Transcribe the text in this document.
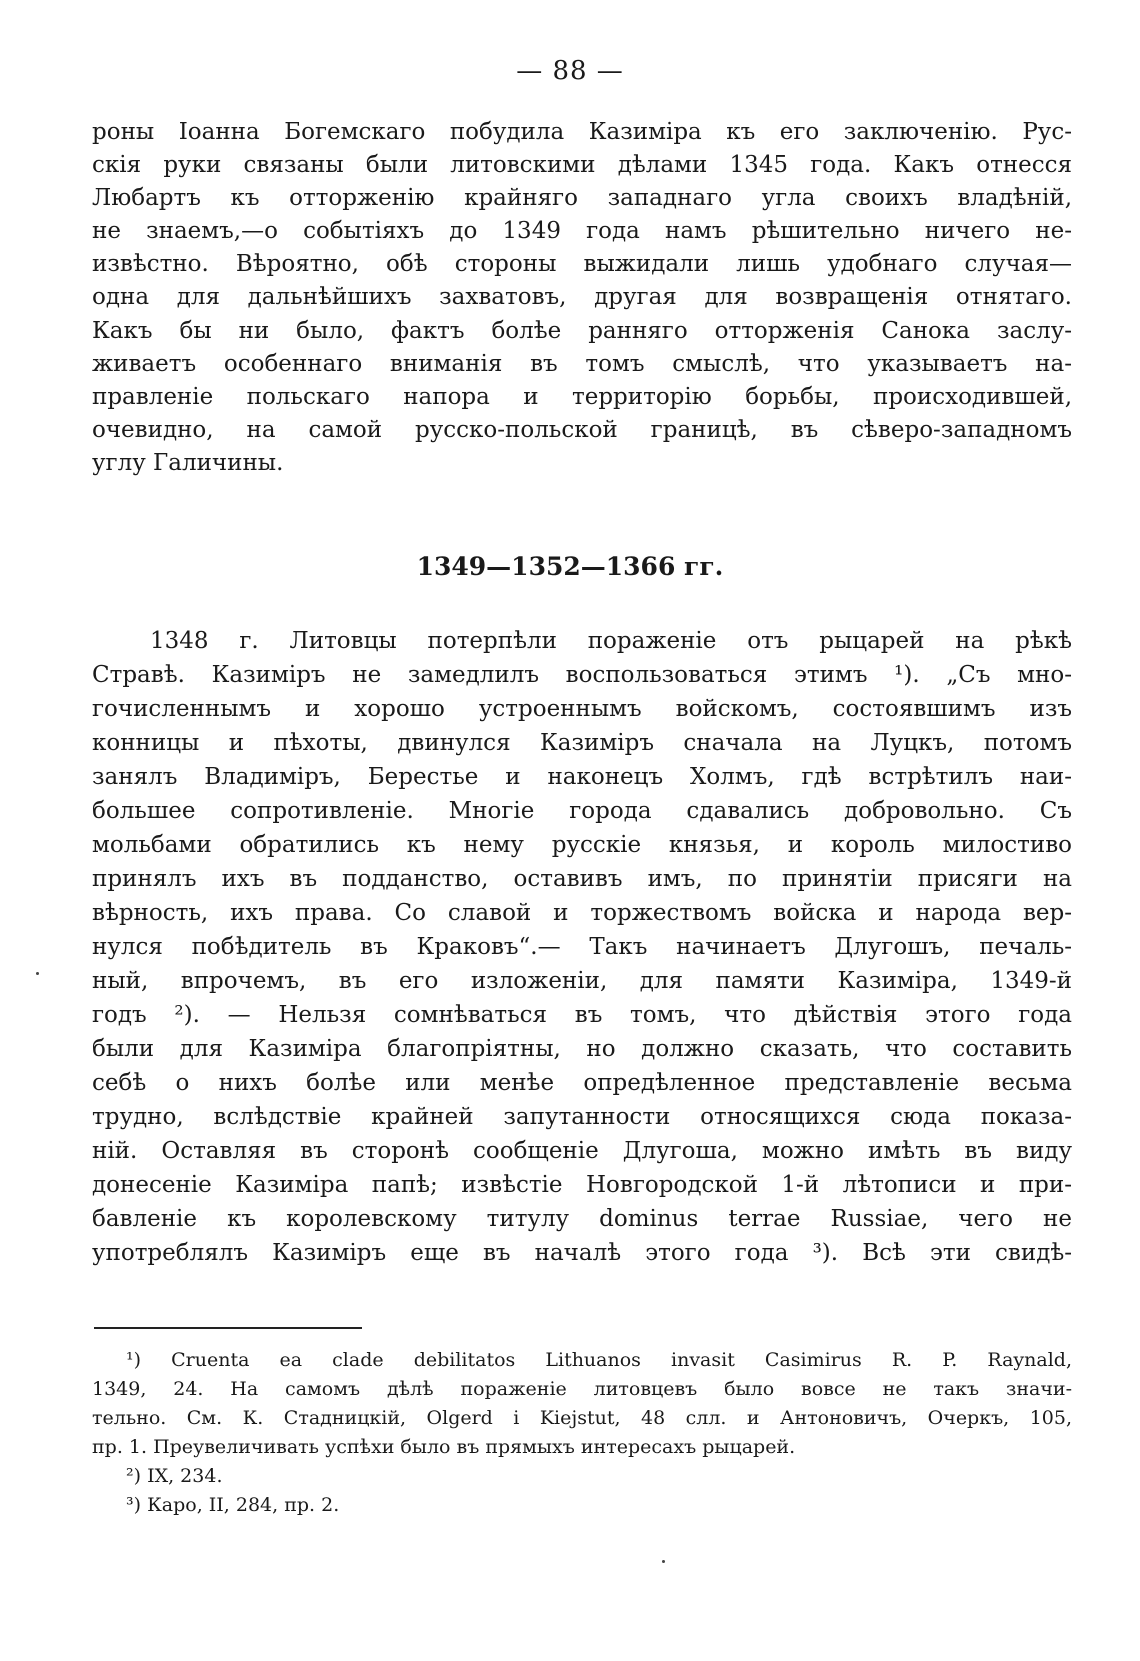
— 88 —
роны Іоанна Богемскаго побудила Казиміра къ его заключенію. Рус-
скія руки связаны были литовскими дѣлами 1345 года. Какъ отнесся
Любартъ къ отторженію крайняго западнаго угла своихъ владѣній,
не знаемъ,—о событіяхъ до 1349 года намъ рѣшительно ничего не-
извѣстно. Вѣроятно, обѣ стороны выжидали лишь удобнаго случая—
одна для дальнѣйшихъ захватовъ, другая для возвращенія отнятаго.
Какъ бы ни было, фактъ болѣе ранняго отторженія Санока заслу-
живаетъ особеннаго вниманія въ томъ смыслѣ, что указываетъ на-
правленіе польскаго напора и территорію борьбы, происходившей,
очевидно, на самой русско-польской границѣ, въ сѣверо-западномъ
углу Галичины.
1349—1352—1366 гг.
1348 г. Литовцы потерпѣли пораженіе отъ рыцарей на рѣкѣ
Стравѣ. Казиміръ не замедлилъ воспользоваться этимъ ¹). „Съ мно-
гочисленнымъ и хорошо устроеннымъ войскомъ, состоявшимъ изъ
конницы и пѣхоты, двинулся Казиміръ сначала на Луцкъ, потомъ
занялъ Владиміръ, Берестье и наконецъ Холмъ, гдѣ встрѣтилъ наи-
большее сопротивленіе. Многіе города сдавались добровольно. Съ
мольбами обратились къ нему русскіе князья, и король милостиво
принялъ ихъ въ подданство, оставивъ имъ, по принятіи присяги на
вѣрность, ихъ права. Со славой и торжествомъ войска и народа вер-
нулся побѣдитель въ Краковъ“.— Такъ начинаетъ Длугошъ, печаль-
ный, впрочемъ, въ его изложеніи, для памяти Казиміра, 1349-й
годъ ²). — Нельзя сомнѣваться въ томъ, что дѣйствія этого года
были для Казиміра благопріятны, но должно сказать, что составить
себѣ о нихъ болѣе или менѣе опредѣленное представленіе весьма
трудно, вслѣдствіе крайней запутанности относящихся сюда показа-
ній. Оставляя въ сторонѣ сообщеніе Длугоша, можно имѣть въ виду
донесеніе Казиміра папѣ; извѣстіе Новгородской 1-й лѣтописи и при-
бавленіе къ королевскому титулу dominus terrae Russiae, чего не
употреблялъ Казиміръ еще въ началѣ этого года ³). Всѣ эти свидѣ-
¹) Cruenta ea clade debilitatos Lithuanos invasit Casimirus R. P. Raynald,
1349, 24. На самомъ дѣлѣ пораженіе литовцевъ было вовсе не такъ значи-
тельно. См. К. Стадницкій, Olgerd i Kiejstut, 48 слл. и Антоновичъ, Очеркъ, 105,
пр. 1. Преувеличивать успѣхи было въ прямыхъ интересахъ рыцарей.
²) IX, 234.
³) Каро, II, 284, пр. 2.
